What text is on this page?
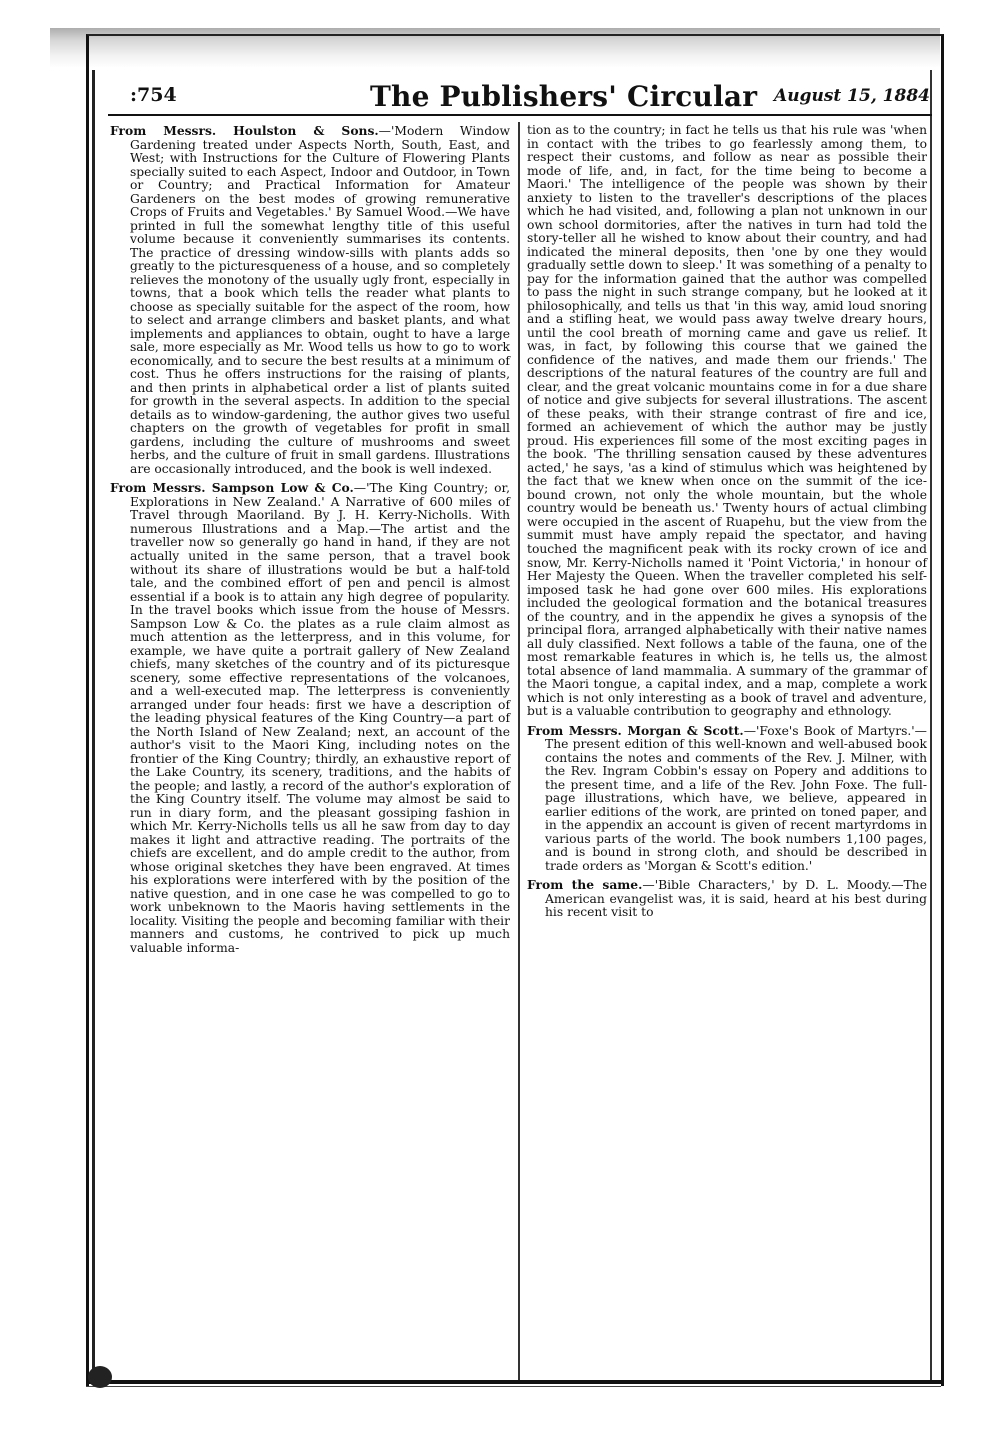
:754	The Publishers' Circular August 15, 1884

From Messrs. Houlston & Sons.—'Modern Window Gardening treated under Aspects North, South, East, and West; with Instructions for the Culture of Flowering Plants specially suited to each Aspect, Indoor and Outdoor, in Town or Country; and Practical Information for Amateur Gardeners on the best modes of growing remunerative Crops of Fruits and Vegetables.' By Samuel Wood.—We have printed in full the somewhat lengthy title of this useful volume because it conveniently summarises its contents. The practice of dressing window-sills with plants adds so greatly to the picturesqueness of a house, and so completely relieves the monotony of the usually ugly front, especially in towns, that a book which tells the reader what plants to choose as specially suitable for the aspect of the room, how to select and arrange climbers and basket plants, and what implements and appliances to obtain, ought to have a large sale, more especially as Mr. Wood tells us how to go to work economically, and to secure the best results at a minimum of cost. Thus he offers instructions for the raising of plants, and then prints in alphabetical order a list of plants suited for growth in the several aspects. In addition to the special details as to window-gardening, the author gives two useful chapters on the growth of vegetables for profit in small gardens, including the culture of mushrooms and sweet herbs, and the culture of fruit in small gardens. Illustrations are occasionally introduced, and the book is well indexed.

From Messrs. Sampson Low & Co.—'The King Country; or, Explorations in New Zealand.' A Narrative of 600 miles of Travel through Maoriland. By J. H. Kerry-Nicholls. With numerous Illustrations and a Map.—The artist and the traveller now so generally go hand in hand, if they are not actually united in the same person, that a travel book without its share of illustrations would be but a half-told tale, and the combined effort of pen and pencil is almost essential if a book is to attain any high degree of popularity. In the travel books which issue from the house of Messrs. Sampson Low & Co. the plates as a rule claim almost as much attention as the letterpress, and in this volume, for example, we have quite a portrait gallery of New Zealand chiefs, many sketches of the country and of its picturesque scenery, some effective representations of the volcanoes, and a well-executed map. The letterpress is conveniently arranged under four heads: first we have a description of the leading physical features of the King Country—a part of the North Island of New Zealand; next, an account of the author's visit to the Maori King, including notes on the frontier of the King Country; thirdly, an exhaustive report of the Lake Country, its scenery, traditions, and the habits of the people; and lastly, a record of the author's exploration of the King Country itself. The volume may almost be said to run in diary form, and the pleasant gossiping fashion in which Mr. Kerry-Nicholls tells us all he saw from day to day makes it light and attractive reading. The portraits of the chiefs are excellent, and do ample credit to the author, from whose original sketches they have been engraved. At times his explorations were interfered with by the position of the native question, and in one case he was compelled to go to work unbeknown to the Maoris having settlements in the locality. Visiting the people and becoming familiar with their manners and customs, he contrived to pick up much valuable informa-

tion as to the country; in fact he tells us that his rule was 'when in contact with the tribes to go fearlessly among them, to respect their customs, and follow as near as possible their mode of life, and, in fact, for the time being to become a Maori.' The intelligence of the people was shown by their anxiety to listen to the traveller's descriptions of the places which he had visited, and, following a plan not unknown in our own school dormitories, after the natives in turn had told the story-teller all he wished to know about their country, and had indicated the mineral deposits, then 'one by one they would gradually settle down to sleep.' It was something of a penalty to pay for the information gained that the author was compelled to pass the night in such strange company, but he looked at it philosophically, and tells us that 'in this way, amid loud snoring and a stifling heat, we would pass away twelve dreary hours, until the cool breath of morning came and gave us relief. It was, in fact, by following this course that we gained the confidence of the natives, and made them our friends.' The descriptions of the natural features of the country are full and clear, and the great volcanic mountains come in for a due share of notice and give subjects for several illustrations. The ascent of these peaks, with their strange contrast of fire and ice, formed an achievement of which the author may be justly proud. His experiences fill some of the most exciting pages in the book. 'The thrilling sensation caused by these adventures acted,' he says, 'as a kind of stimulus which was heightened by the fact that we knew when once on the summit of the ice-bound crown, not only the whole mountain, but the whole country would be beneath us.' Twenty hours of actual climbing were occupied in the ascent of Ruapehu, but the view from the summit must have amply repaid the spectator, and having touched the magnificent peak with its rocky crown of ice and snow, Mr. Kerry-Nicholls named it 'Point Victoria,' in honour of Her Majesty the Queen. When the traveller completed his self-imposed task he had gone over 600 miles. His explorations included the geological formation and the botanical treasures of the country, and in the appendix he gives a synopsis of the principal flora, arranged alphabetically with their native names all duly classified. Next follows a table of the fauna, one of the most remarkable features in which is, he tells us, the almost total absence of land mammalia. A summary of the grammar of the Maori tongue, a capital index, and a map, complete a work which is not only interesting as a book of travel and adventure, but is a valuable contribution to geography and ethnology.

From Messrs. Morgan & Scott.—'Foxe's Book of Martyrs.'—The present edition of this well-known and well-abused book contains the notes and comments of the Rev. J. Milner, with the Rev. Ingram Cobbin's essay on Popery and additions to the present time, and a life of the Rev. John Foxe. The full-page illustrations, which have, we believe, appeared in earlier editions of the work, are printed on toned paper, and in the appendix an account is given of recent martyrdoms in various parts of the world. The book numbers 1,100 pages, and is bound in strong cloth, and should be described in trade orders as 'Morgan & Scott's edition.'

From the same.—'Bible Characters,' by D. L. Moody.—The American evangelist was, it is said, heard at his best during his recent visit to
